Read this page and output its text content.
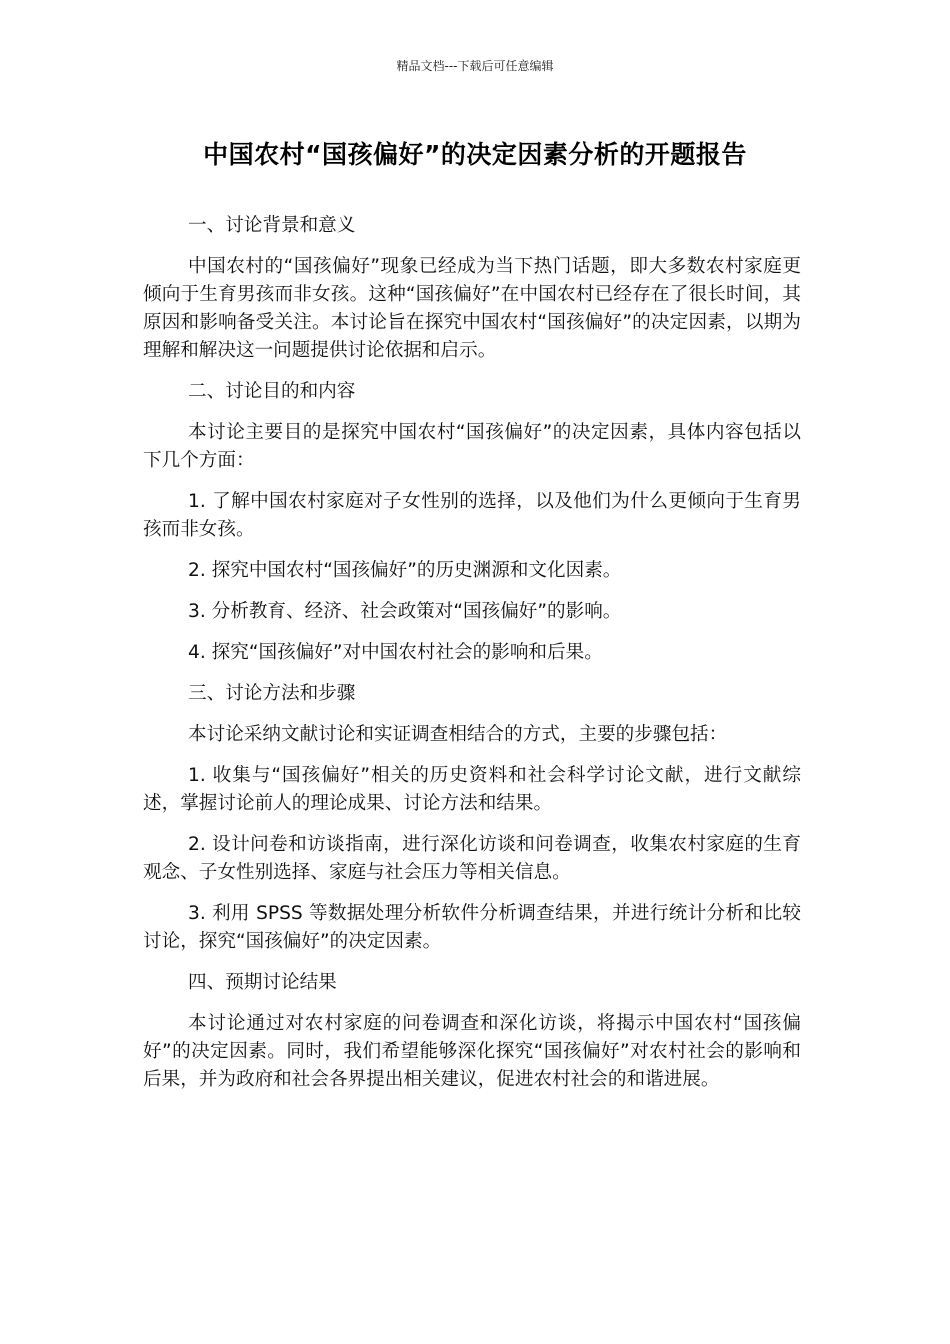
精品文档---下载后可任意编辑
中国农村“国孩偏好”的决定因素分析的开题报告

一、讨论背景和意义

中国农村的“国孩偏好”现象已经成为当下热门话题，即大多数农村家庭更倾向于生育男孩而非女孩。这种“国孩偏好”在中国农村已经存在了很长时间，其原因和影响备受关注。本讨论旨在探究中国农村“国孩偏好”的决定因素，以期为理解和解决这一问题提供讨论依据和启示。

二、讨论目的和内容

本讨论主要目的是探究中国农村“国孩偏好”的决定因素，具体内容包括以下几个方面：

1. 了解中国农村家庭对子女性别的选择，以及他们为什么更倾向于生育男孩而非女孩。

2. 探究中国农村“国孩偏好”的历史渊源和文化因素。

3. 分析教育、经济、社会政策对“国孩偏好”的影响。

4. 探究“国孩偏好”对中国农村社会的影响和后果。

三、讨论方法和步骤

本讨论采纳文献讨论和实证调查相结合的方式，主要的步骤包括：

1. 收集与“国孩偏好”相关的历史资料和社会科学讨论文献，进行文献综述，掌握讨论前人的理论成果、讨论方法和结果。

2. 设计问卷和访谈指南，进行深化访谈和问卷调查，收集农村家庭的生育观念、子女性别选择、家庭与社会压力等相关信息。

3. 利用 SPSS 等数据处理分析软件分析调查结果，并进行统计分析和比较讨论，探究“国孩偏好”的决定因素。

四、预期讨论结果

本讨论通过对农村家庭的问卷调查和深化访谈，将揭示中国农村“国孩偏好”的决定因素。同时，我们希望能够深化探究“国孩偏好”对农村社会的影响和后果，并为政府和社会各界提出相关建议，促进农村社会的和谐进展。
